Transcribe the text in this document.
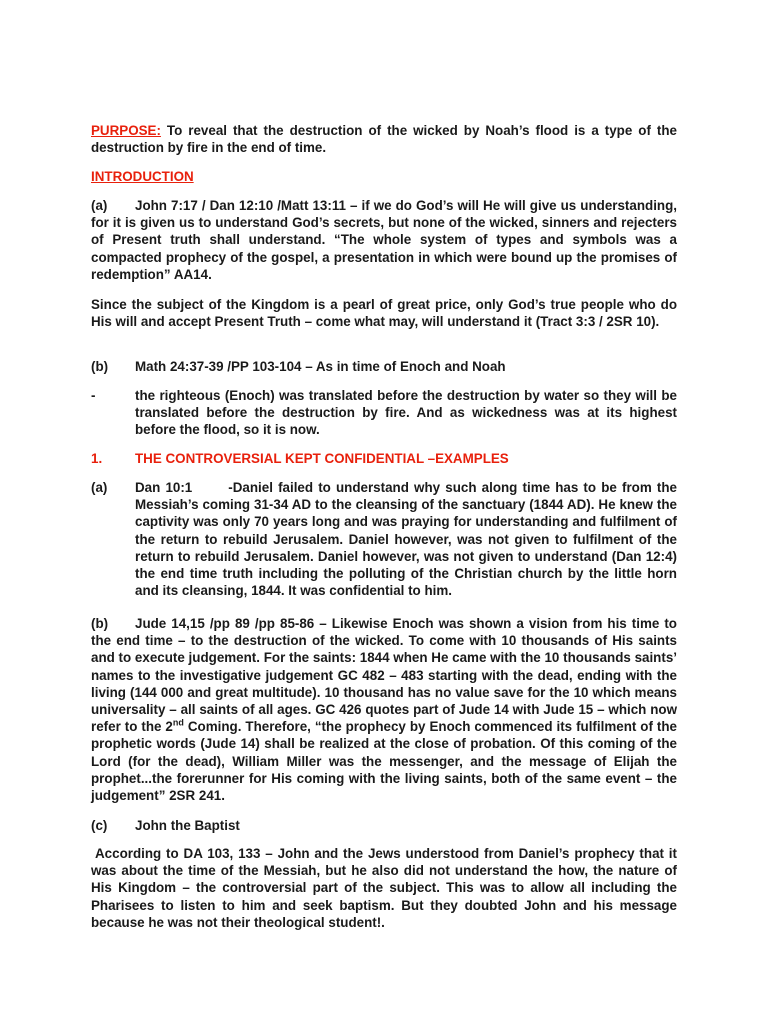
PURPOSE: To reveal that the destruction of the wicked by Noah’s flood is a type of the destruction by fire in the end of time.

INTRODUCTION

(a) John 7:17 / Dan 12:10 /Matt 13:11 – if we do God’s will He will give us understanding, for it is given us to understand God’s secrets, but none of the wicked, sinners and rejecters of Present truth shall understand. “The whole system of types and symbols was a compacted prophecy of the gospel, a presentation in which were bound up the promises of redemption” AA14.

Since the subject of the Kingdom is a pearl of great price, only God’s true people who do His will and accept Present Truth – come what may, will understand it (Tract 3:3 / 2SR 10).

(b) Math 24:37-39 /PP 103-104 – As in time of Enoch and Noah

-	the righteous (Enoch) was translated before the destruction by water so they will be translated before the destruction by fire. And as wickedness was at its highest before the flood, so it is now.

1. THE CONTROVERSIAL KEPT CONFIDENTIAL –EXAMPLES

(a) Dan 10:1	-Daniel failed to understand why such along time has to be from the Messiah’s coming 31-34 AD to the cleansing of the sanctuary (1844 AD). He knew the captivity was only 70 years long and was praying for understanding and fulfilment of the return to rebuild Jerusalem. Daniel however, was not given to fulfilment of the return to rebuild Jerusalem. Daniel however, was not given to understand (Dan 12:4) the end time truth including the polluting of the Christian church by the little horn and its cleansing, 1844. It was confidential to him.

(b) Jude 14,15 /pp 89 /pp 85-86 – Likewise Enoch was shown a vision from his time to the end time – to the destruction of the wicked. To come with 10 thousands of His saints and to execute judgement. For the saints: 1844 when He came with the 10 thousands saints’ names to the investigative judgement GC 482 – 483 starting with the dead, ending with the living (144 000 and great multitude). 10 thousand has no value save for the 10 which means universality – all saints of all ages. GC 426 quotes part of Jude 14 with Jude 15 – which now refer to the 2nd Coming. Therefore, “the prophecy by Enoch commenced its fulfilment of the prophetic words (Jude 14) shall be realized at the close of probation. Of this coming of the Lord (for the dead), William Miller was the messenger, and the message of Elijah the prophet...the forerunner for His coming with the living saints, both of the same event – the judgement” 2SR 241.

(c) John the Baptist

According to DA 103, 133 – John and the Jews understood from Daniel’s prophecy that it was about the time of the Messiah, but he also did not understand the how, the nature of His Kingdom – the controversial part of the subject. This was to allow all including the Pharisees to listen to him and seek baptism. But they doubted John and his message because he was not their theological student!.
